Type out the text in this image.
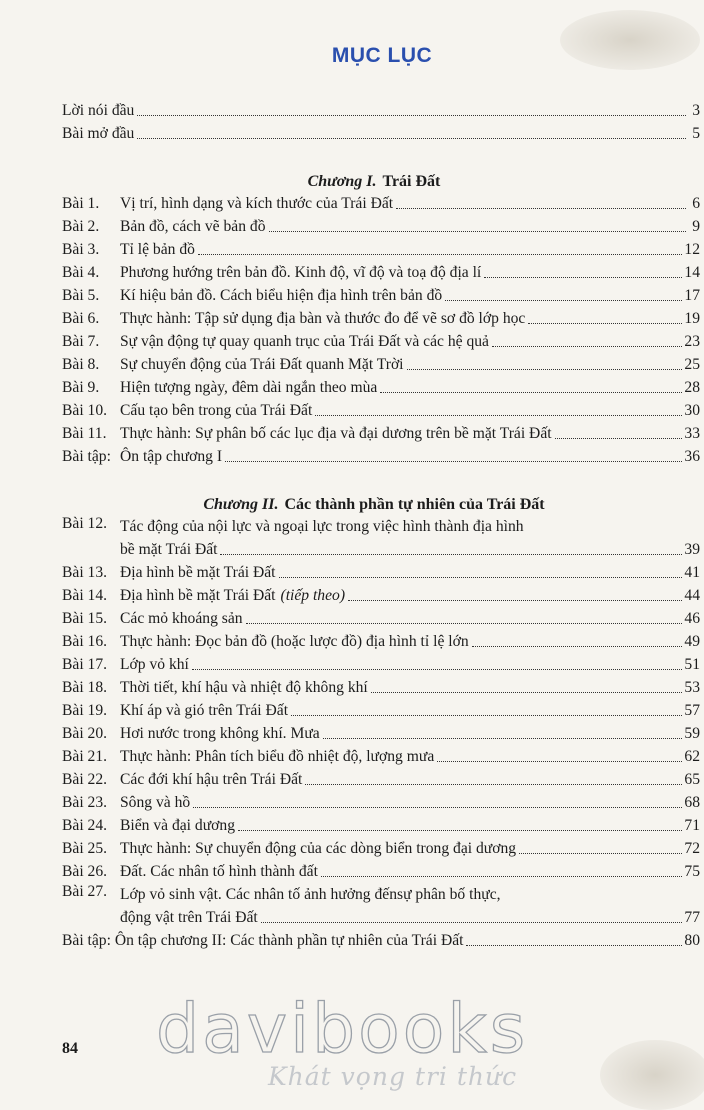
MỤC LỤC
Lời nói đầu	3
Bài mở đầu	5
Chương I. Trái Đất
Bài 1.	Vị trí, hình dạng và kích thước của Trái Đất	6
Bài 2.	Bản đồ, cách vẽ bản đồ	9
Bài 3.	Tỉ lệ bản đồ	12
Bài 4.	Phương hướng trên bản đồ. Kinh độ, vĩ độ và toạ độ địa lí	14
Bài 5.	Kí hiệu bản đồ. Cách biểu hiện địa hình trên bản đồ	17
Bài 6.	Thực hành: Tập sử dụng địa bàn và thước đo để vẽ sơ đồ lớp học	19
Bài 7.	Sự vận động tự quay quanh trục của Trái Đất và các hệ quả	23
Bài 8.	Sự chuyển động của Trái Đất quanh Mặt Trời	25
Bài 9.	Hiện tượng ngày, đêm dài ngắn theo mùa	28
Bài 10. Cấu tạo bên trong của Trái Đất	30
Bài 11. Thực hành: Sự phân bố các lục địa và đại dương trên bề mặt Trái Đất	33
Bài tập: Ôn tập chương I	36
Chương II. Các thành phần tự nhiên của Trái Đất
Bài 12. Tác động của nội lực và ngoại lực trong việc hình thành địa hình
bề mặt Trái Đất	39
Bài 13. Địa hình bề mặt Trái Đất	41
Bài 14. Địa hình bề mặt Trái Đất (tiếp theo)	44
Bài 15. Các mỏ khoáng sản	46
Bài 16. Thực hành: Đọc bản đồ (hoặc lược đồ) địa hình tỉ lệ lớn	49
Bài 17. Lớp vỏ khí	51
Bài 18. Thời tiết, khí hậu và nhiệt độ không khí	53
Bài 19. Khí áp và gió trên Trái Đất	57
Bài 20. Hơi nước trong không khí. Mưa	59
Bài 21. Thực hành: Phân tích biểu đồ nhiệt độ, lượng mưa	62
Bài 22. Các đới khí hậu trên Trái Đất	65
Bài 23. Sông và hồ	68
Bài 24. Biển và đại dương	71
Bài 25. Thực hành: Sự chuyển động của các dòng biển trong đại dương	72
Bài 26. Đất. Các nhân tố hình thành đất	75
Bài 27. Lớp vỏ sinh vật. Các nhân tố ảnh hưởng đếnsự phân bố thực,
động vật trên Trái Đất	77
Bài tập: Ôn tập chương II: Các thành phần tự nhiên của Trái Đất	80
84 davibooks
Khát vọng tri thức
